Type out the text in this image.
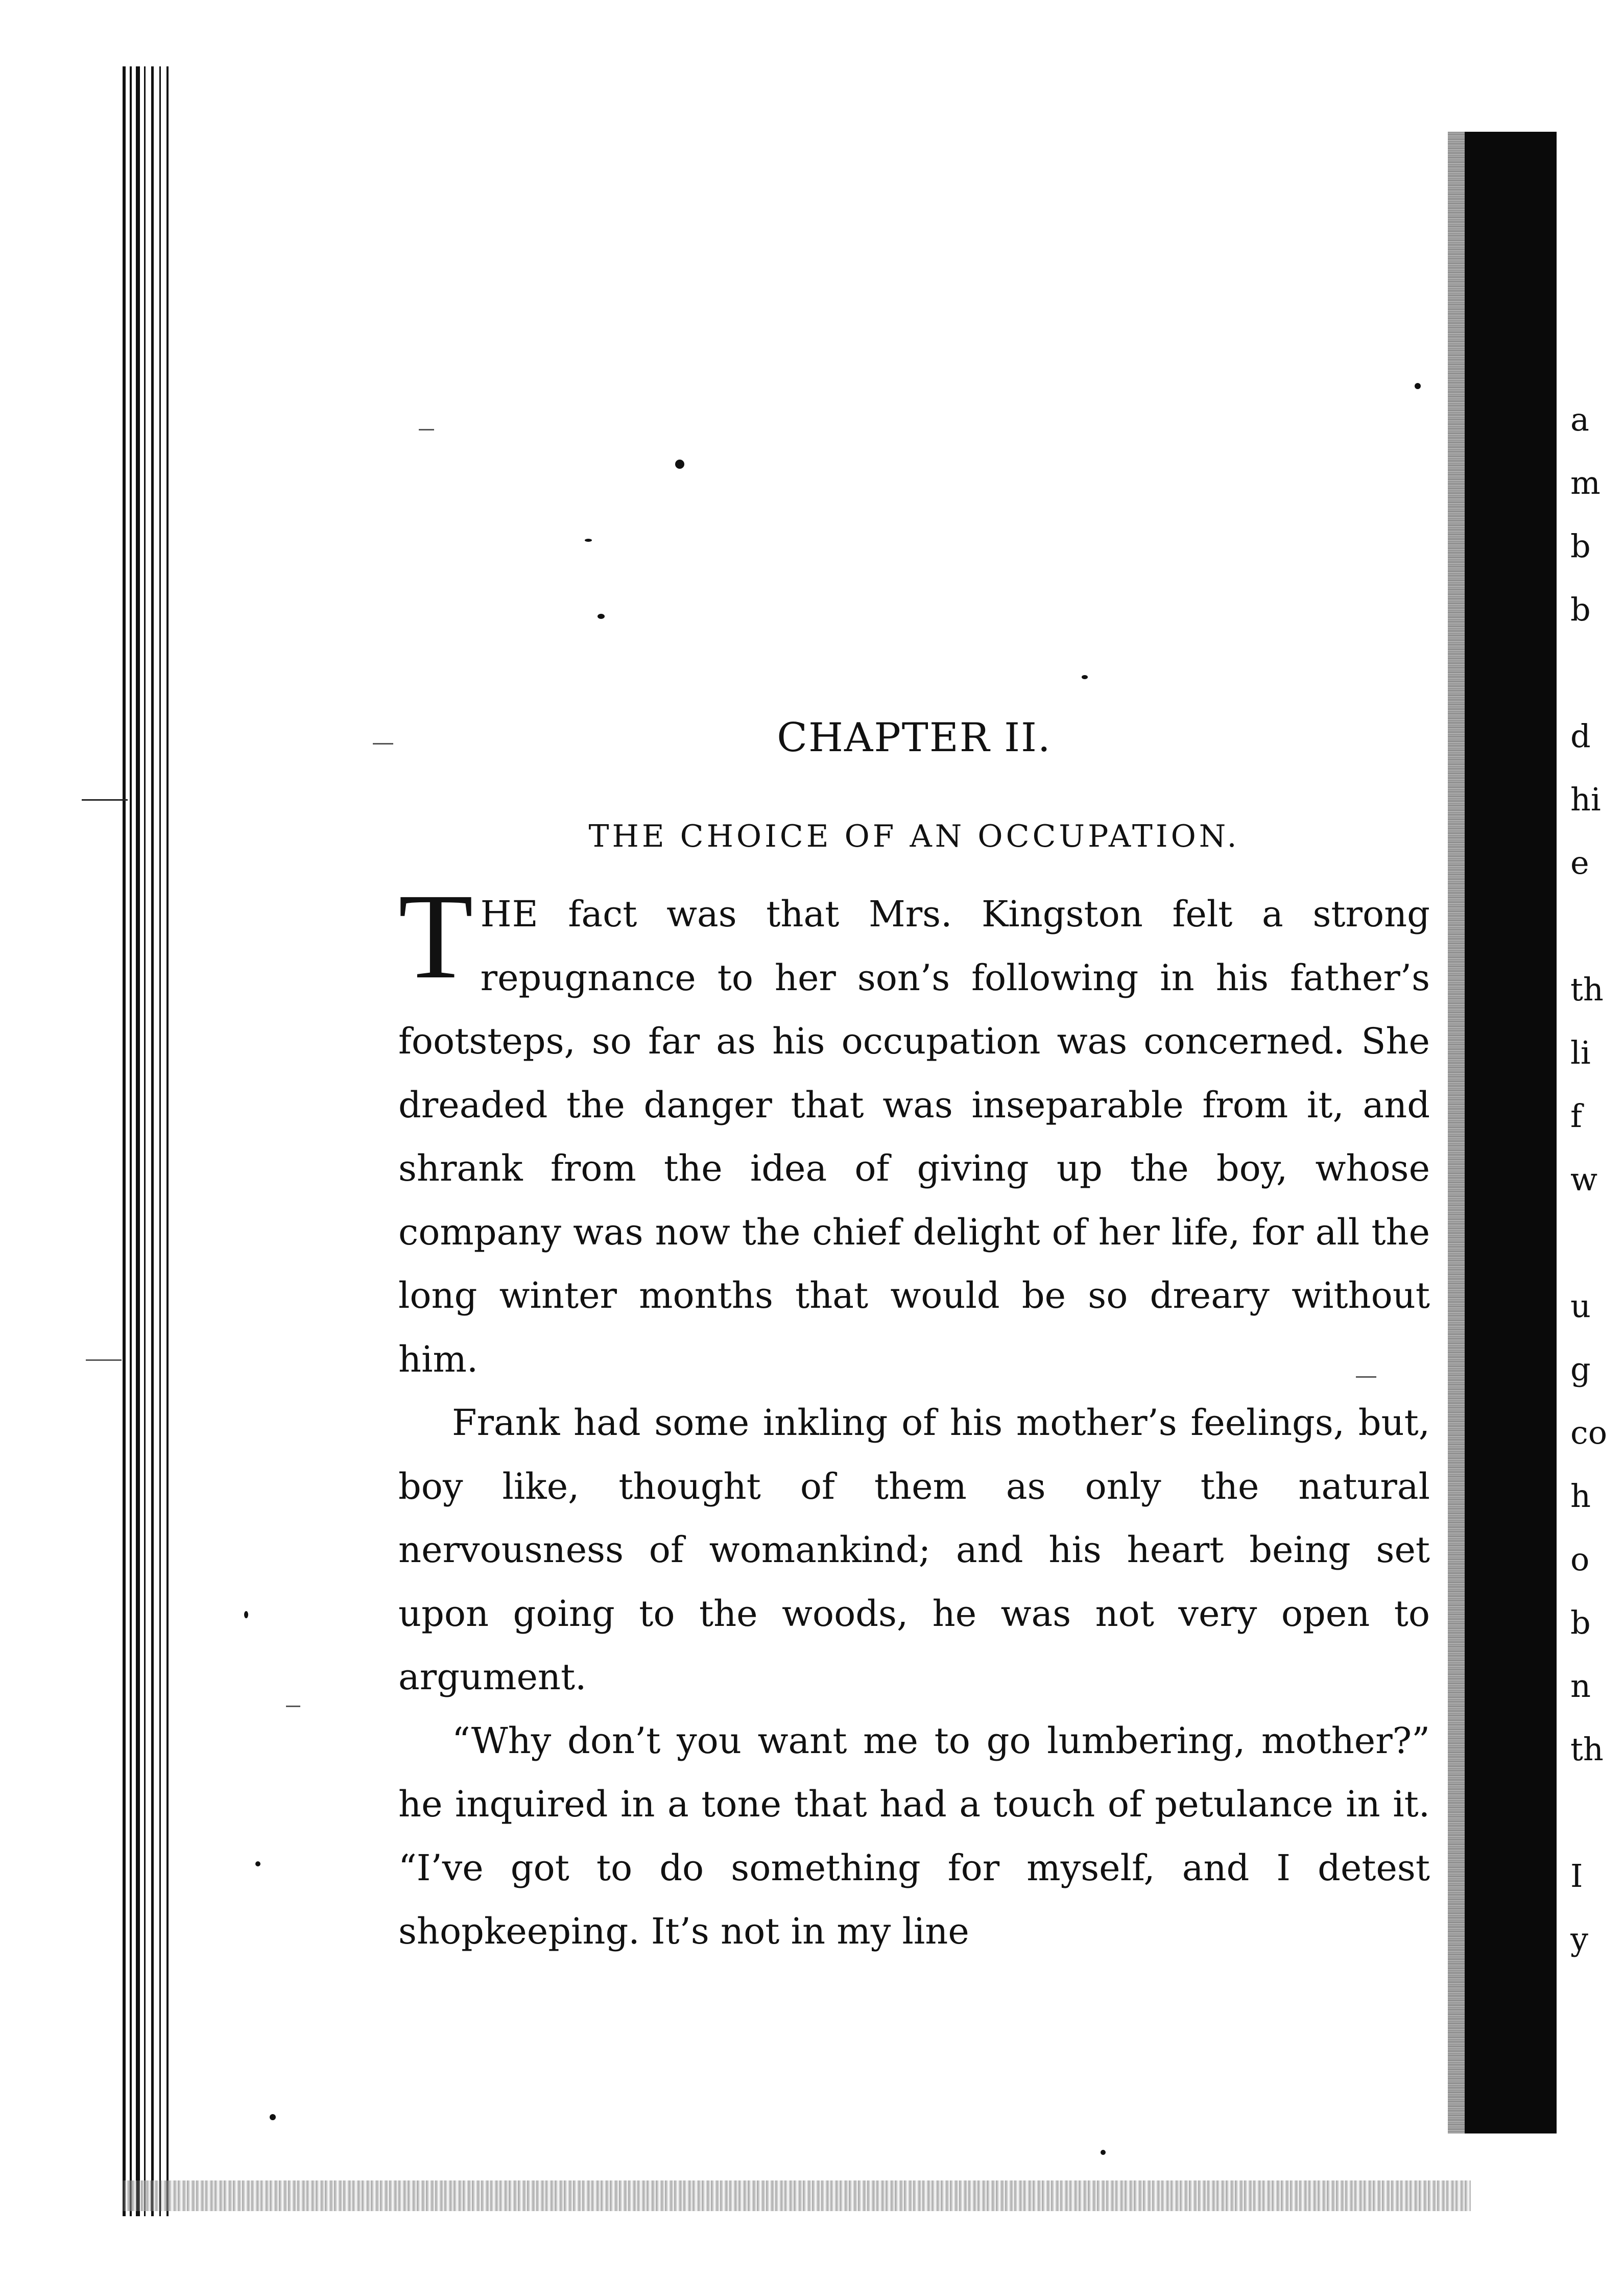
a
m
b
b
d
hi
e
th
li
f
w
u
g
co
h
o
b
n
th
I
y
CHAPTER II.
THE CHOICE OF AN OCCUPATION.

THE fact was that Mrs. Kingston felt a strong repugnance to her son’s following in his father’s footsteps, so far as his occupation was concerned. She dreaded the danger that was inseparable from it, and shrank from the idea of giving up the boy, whose company was now the chief delight of her life, for all the long winter months that would be so dreary without him.

Frank had some inkling of his mother’s feelings, but, boy like, thought of them as only the natural nervousness of womankind; and his heart being set upon going to the woods, he was not very open to argument.

“Why don’t you want me to go lumbering, mother?” he inquired in a tone that had a touch of petulance in it. “I’ve got to do something for myself, and I detest shopkeeping. It’s not in my line
